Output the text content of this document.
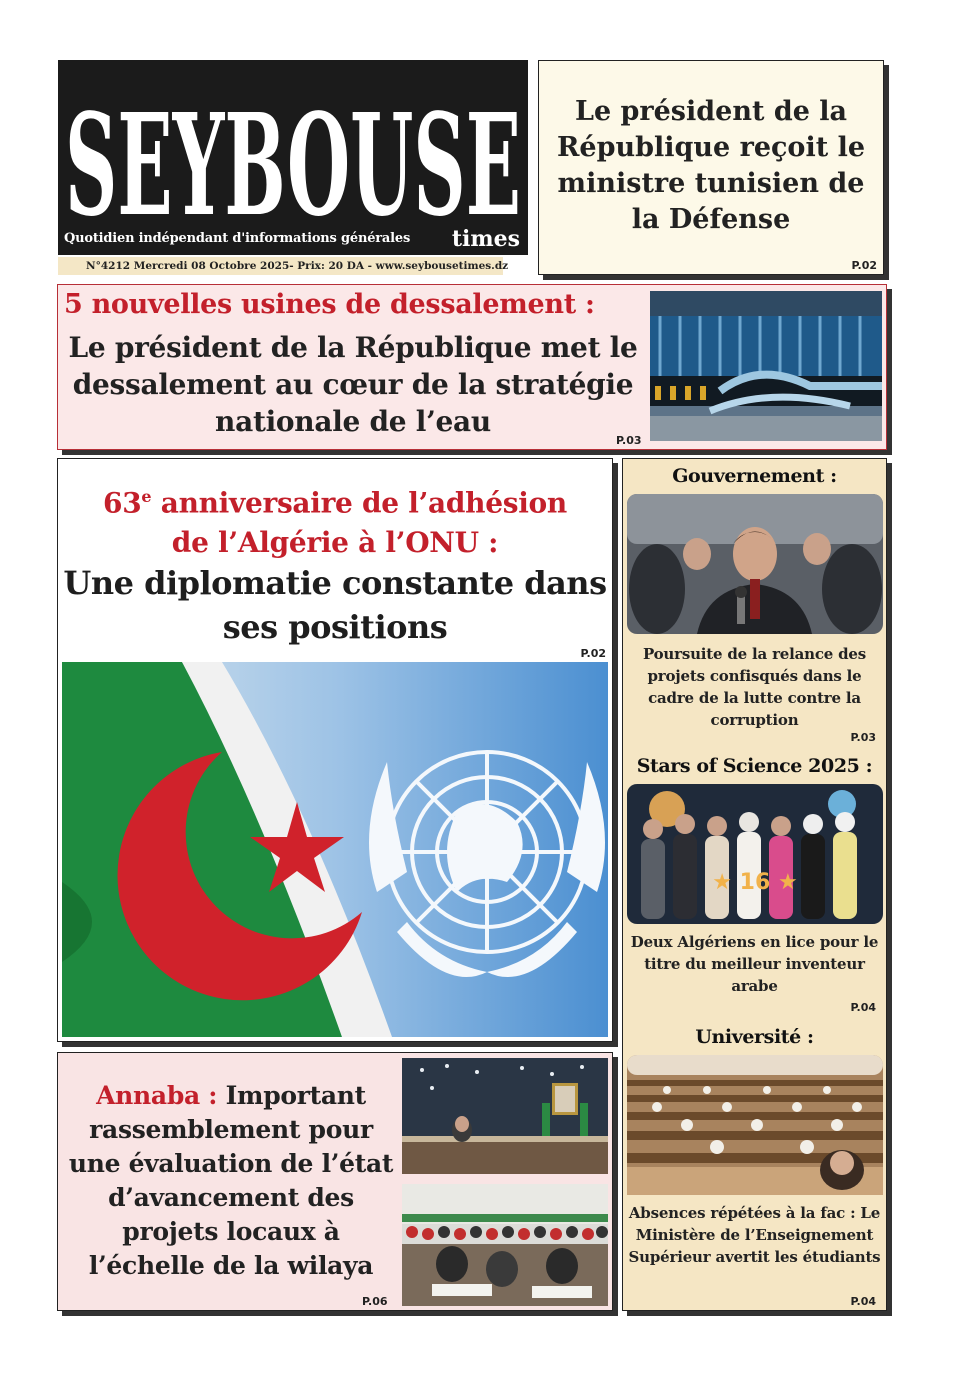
SEYBOUSE
Quotidien indépendant d'informations générales times
N°4212 Mercredi 08 Octobre 2025- Prix: 20 DA - www.seybousetimes.dz
Le président de la République reçoit le ministre tunisien de la Défense
P.02
5 nouvelles usines de dessalement :
Le président de la République met le dessalement au cœur de la stratégie nationale de l’eau
P.03
63e anniversaire de l’adhésion
de l’Algérie à l’ONU :
Une diplomatie constante dans ses positions
P.02
Gouvernement :
Poursuite de la relance des projets confisqués dans le cadre de la lutte contre la corruption
P.03
Stars of Science 2025 :
★ 16 ★
Deux Algériens en lice pour le titre du meilleur inventeur arabe
P.04
Université :
Absences répétées à la fac : Le Ministère de l’Enseignement Supérieur avertit les étudiants
P.04
Annaba : Important rassemblement pour une évaluation de l’état d’avancement des projets locaux à l’échelle de la wilaya
P.06
